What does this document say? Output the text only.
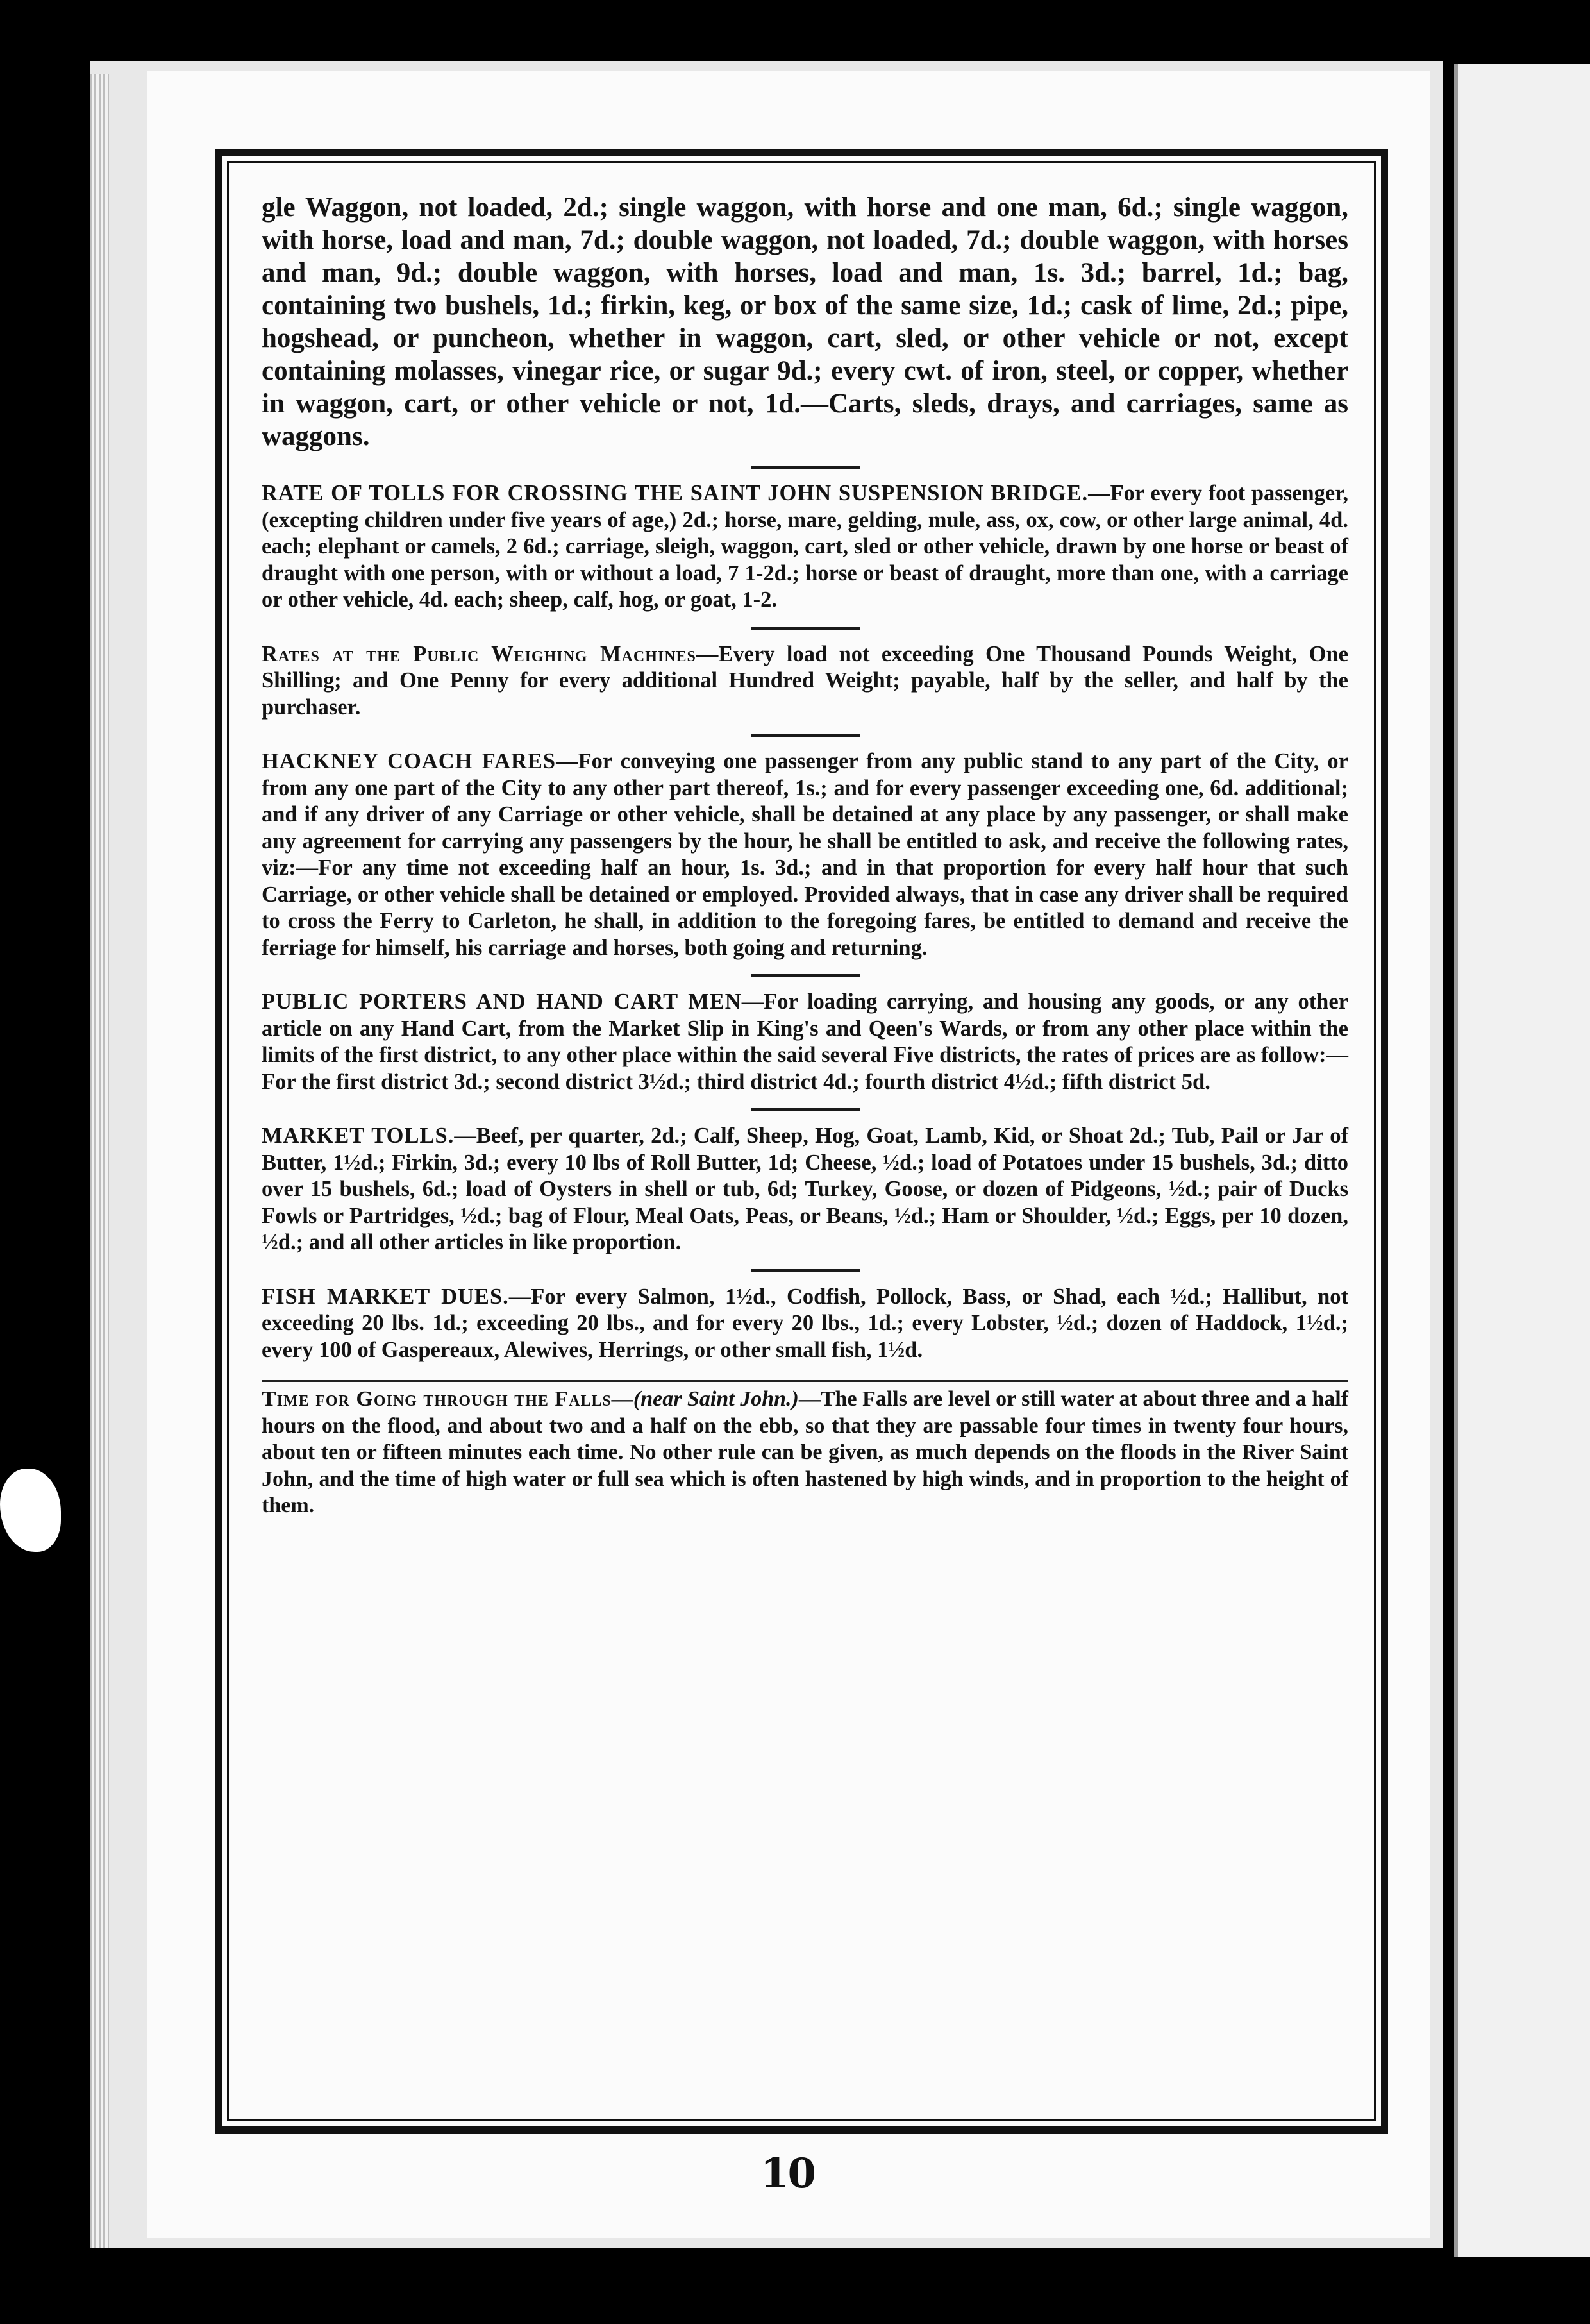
gle Waggon, not loaded, 2d.; single waggon, with horse and one man, 6d.; single waggon, with horse, load and man, 7d.; double waggon, not loaded, 7d.; double waggon, with horses and man, 9d.; double waggon, with horses, load and man, 1s. 3d.; barrel, 1d.; bag, containing two bushels, 1d.; firkin, keg, or box of the same size, 1d.; cask of lime, 2d.; pipe, hogshead, or puncheon, whether in waggon, cart, sled, or other vehicle or not, except containing molasses, vinegar rice, or sugar 9d.; every cwt. of iron, steel, or copper, whether in waggon, cart, or other vehicle or not, 1d.—Carts, sleds, drays, and carriages, same as waggons.

RATE OF TOLLS FOR CROSSING THE SAINT JOHN SUSPENSION BRIDGE.—For every foot passenger, (excepting children under five years of age,) 2d.; horse, mare, gelding, mule, ass, ox, cow, or other large animal, 4d. each; elephant or camels, 2 6d.; carriage, sleigh, waggon, cart, sled or other vehicle, drawn by one horse or beast of draught with one person, with or without a load, 7 1-2d.; horse or beast of draught, more than one, with a carriage or other vehicle, 4d. each; sheep, calf, hog, or goat, 1-2.

Rates at the Public Weighing Machines—Every load not exceeding One Thousand Pounds Weight, One Shilling; and One Penny for every additional Hundred Weight; payable, half by the seller, and half by the purchaser.

HACKNEY COACH FARES—For conveying one passenger from any public stand to any part of the City, or from any one part of the City to any other part thereof, 1s.; and for every passenger exceeding one, 6d. additional; and if any driver of any Carriage or other vehicle, shall be detained at any place by any passenger, or shall make any agreement for carrying any passengers by the hour, he shall be entitled to ask, and receive the following rates, viz:—For any time not exceeding half an hour, 1s. 3d.; and in that proportion for every half hour that such Carriage, or other vehicle shall be detained or employed. Provided always, that in case any driver shall be required to cross the Ferry to Carleton, he shall, in addition to the foregoing fares, be entitled to demand and receive the ferriage for himself, his carriage and horses, both going and returning.

PUBLIC PORTERS AND HAND CART MEN—For loading carrying, and housing any goods, or any other article on any Hand Cart, from the Market Slip in King's and Qeen's Wards, or from any other place within the limits of the first district, to any other place within the said several Five districts, the rates of prices are as follow:—For the first district 3d.; second district 3½d.; third district 4d.; fourth district 4½d.; fifth district 5d.

MARKET TOLLS.—Beef, per quarter, 2d.; Calf, Sheep, Hog, Goat, Lamb, Kid, or Shoat 2d.; Tub, Pail or Jar of Butter, 1½d.; Firkin, 3d.; every 10 lbs of Roll Butter, 1d; Cheese, ½d.; load of Potatoes under 15 bushels, 3d.; ditto over 15 bushels, 6d.; load of Oysters in shell or tub, 6d; Turkey, Goose, or dozen of Pidgeons, ½d.; pair of Ducks Fowls or Partridges, ½d.; bag of Flour, Meal Oats, Peas, or Beans, ½d.; Ham or Shoulder, ½d.; Eggs, per 10 dozen, ½d.; and all other articles in like proportion.

FISH MARKET DUES.—For every Salmon, 1½d., Codfish, Pollock, Bass, or Shad, each ½d.; Hallibut, not exceeding 20 lbs. 1d.; exceeding 20 lbs., and for every 20 lbs., 1d.; every Lobster, ½d.; dozen of Haddock, 1½d.; every 100 of Gaspereaux, Alewives, Herrings, or other small fish, 1½d.

Time for Going through the Falls—(near Saint John.)—The Falls are level or still water at about three and a half hours on the flood, and about two and a half on the ebb, so that they are passable four times in twenty four hours, about ten or fifteen minutes each time. No other rule can be given, as much depends on the floods in the River Saint John, and the time of high water or full sea which is often hastened by high winds, and in proportion to the height of them.

10
